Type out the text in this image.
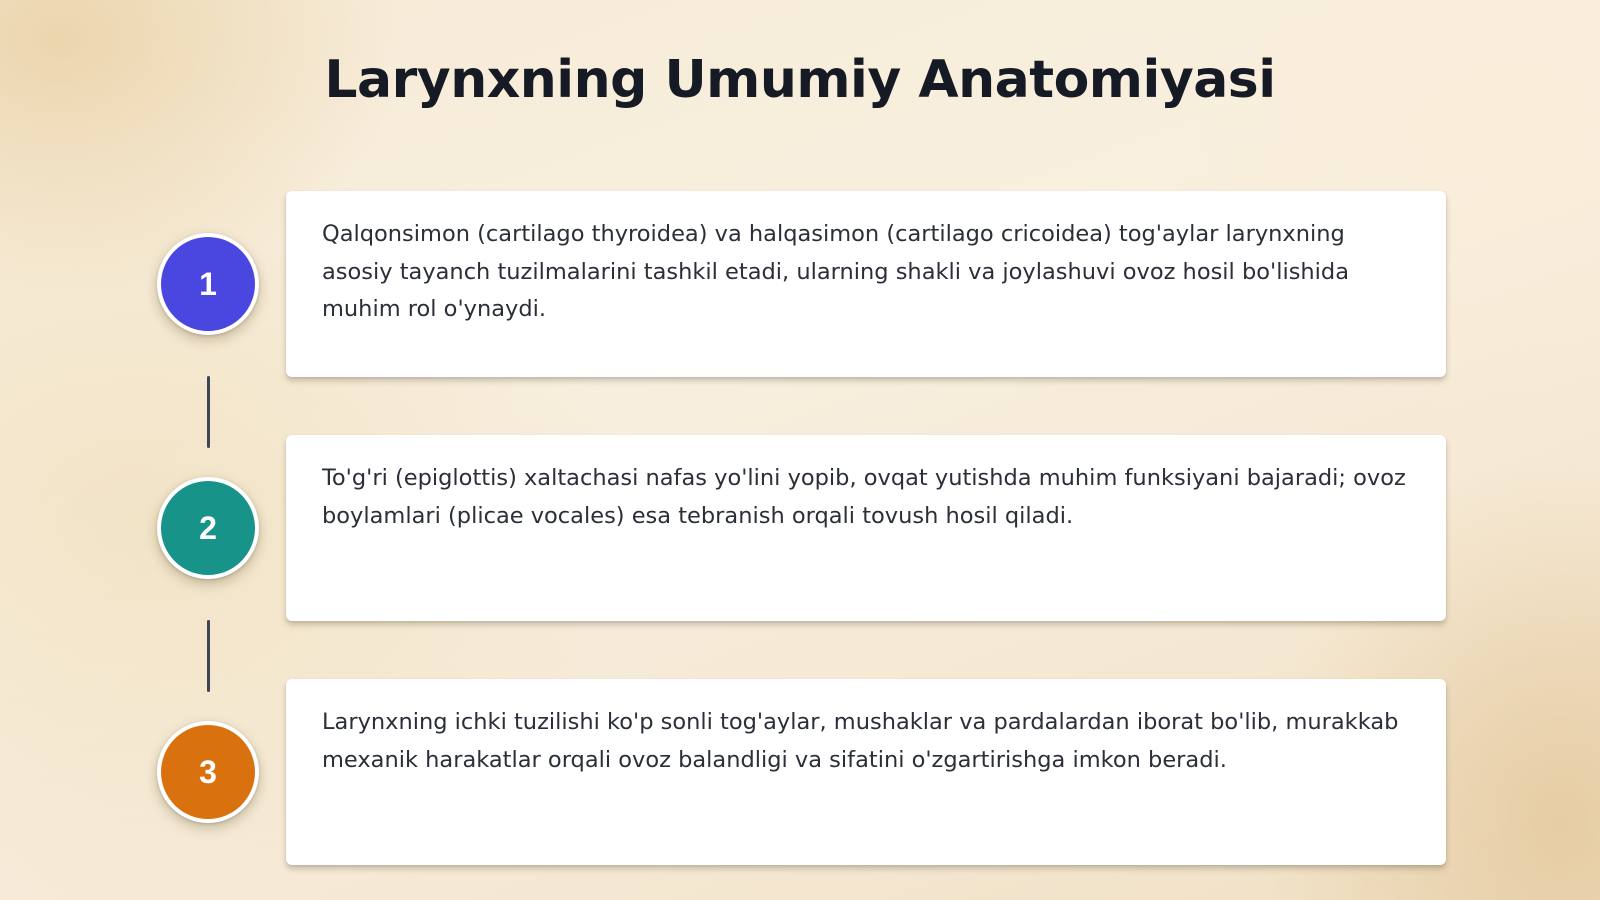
Larynxning Umumiy Anatomiyasi
1

Qalqonsimon (cartilago thyroidea) va halqasimon (cartilago cricoidea) tog'aylar larynxning asosiy tayanch tuzilmalarini tashkil etadi, ularning shakli va joylashuvi ovoz hosil bo'lishida muhim rol o'ynaydi.

2

To'g'ri (epiglottis) xaltachasi nafas yo'lini yopib, ovqat yutishda muhim funksiyani bajaradi; ovoz boylamlari (plicae vocales) esa tebranish orqali tovush hosil qiladi.

3

Larynxning ichki tuzilishi ko'p sonli tog'aylar, mushaklar va pardalardan iborat bo'lib, murakkab mexanik harakatlar orqali ovoz balandligi va sifatini o'zgartirishga imkon beradi.
